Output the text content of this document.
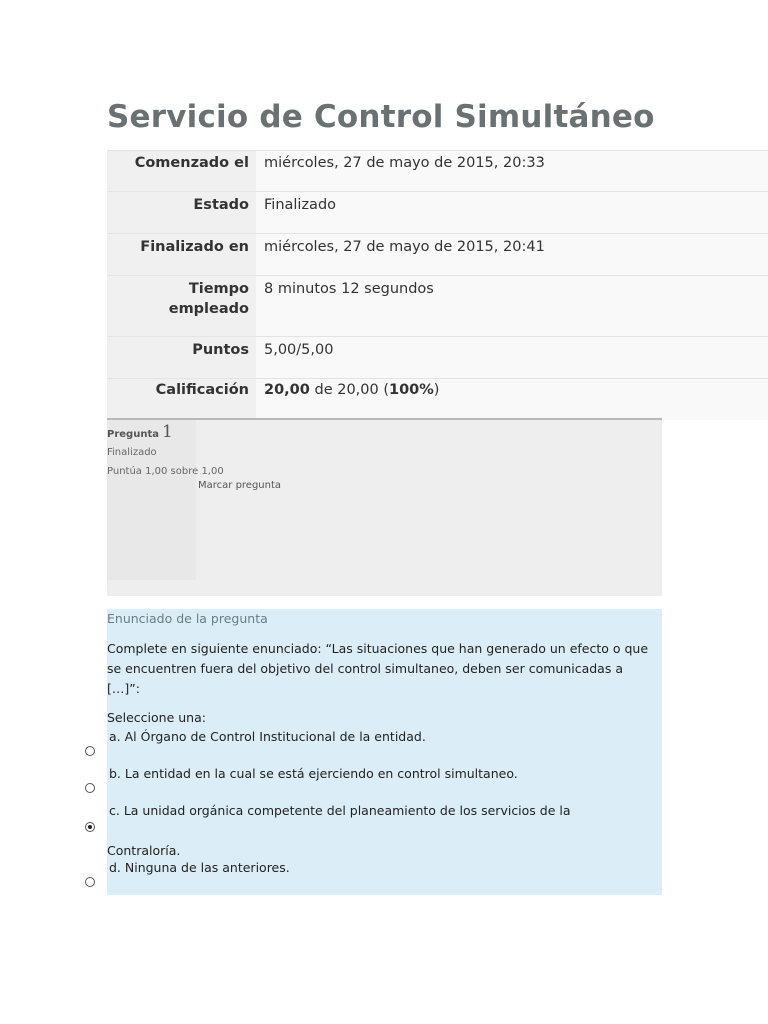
Servicio de Control Simultáneo
Comenzado el	miércoles, 27 de mayo de 2015, 20:33
Estado	Finalizado
Finalizado en	miércoles, 27 de mayo de 2015, 20:41
Tiempo empleado	8 minutos 12 segundos
Puntos	5,00/5,00
Calificación	20,00 de 20,00 (100%)
Pregunta 1
Finalizado
Puntúa 1,00 sobre 1,00
Marcar pregunta
Enunciado de la pregunta

Complete en siguiente enunciado: “Las situaciones que han generado un efecto o que se encuentren fuera del objetivo del control simultaneo, deben ser comunicadas a […]”:

Seleccione una:
a. Al Órgano de Control Institucional de la entidad.
b. La entidad en la cual se está ejerciendo en control simultaneo.
c. La unidad orgánica competente del planeamiento de los servicios de la
Contraloría.
d. Ninguna de las anteriores.
